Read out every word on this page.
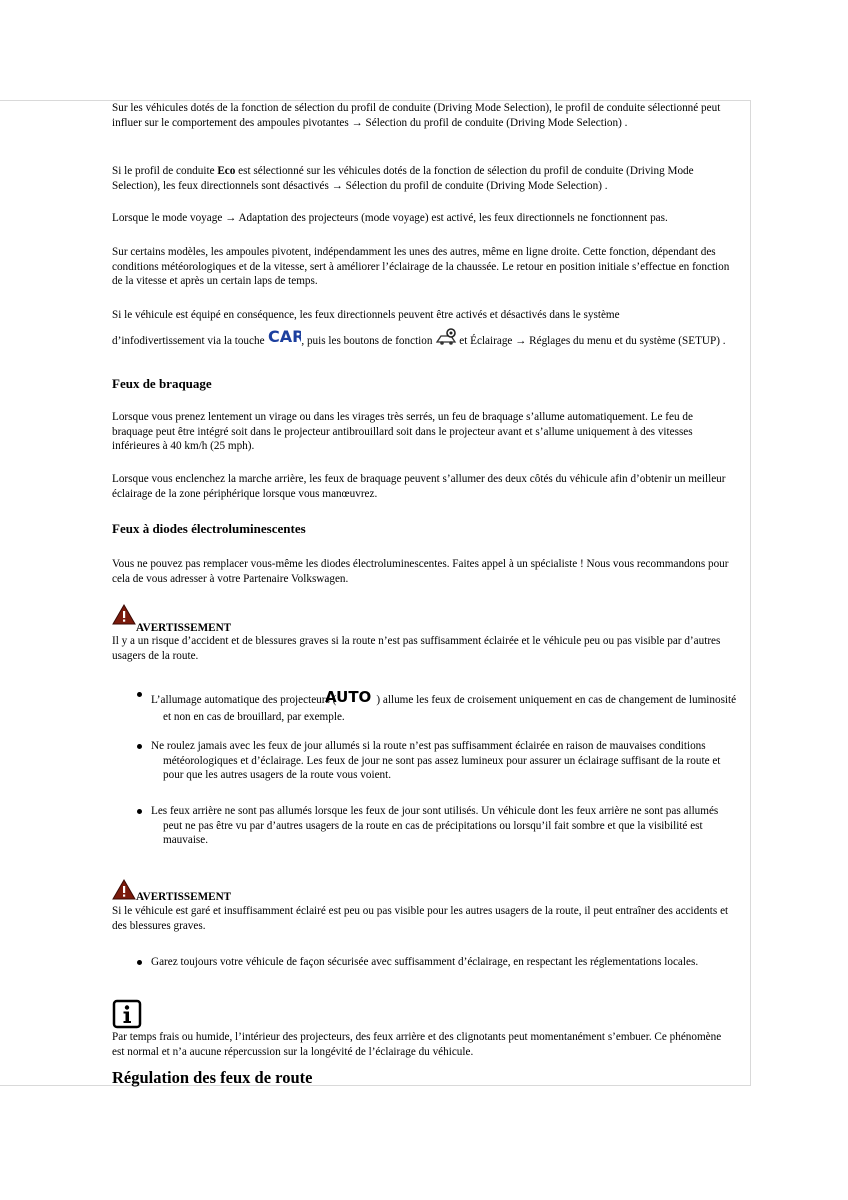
Sur les véhicules dotés de la fonction de sélection du profil de conduite (Driving Mode Selection), le profil de conduite sélectionné peut influer sur le comportement des ampoules pivotantes → Sélection du profil de conduite (Driving Mode Selection) .

Si le profil de conduite Eco est sélectionné sur les véhicules dotés de la fonction de sélection du profil de conduite (Driving Mode Selection), les feux directionnels sont désactivés → Sélection du profil de conduite (Driving Mode Selection) .

Lorsque le mode voyage → Adaptation des projecteurs (mode voyage) est activé, les feux directionnels ne fonctionnent pas.

Sur certains modèles, les ampoules pivotent, indépendamment les unes des autres, même en ligne droite. Cette fonction, dépendant des conditions météorologiques et de la vitesse, sert à améliorer l’éclairage de la chaussée. Le retour en position initiale s’effectue en fonction de la vitesse et après un certain laps de temps.

Si le véhicule est équipé en conséquence, les feux directionnels peuvent être activés et désactivés dans le système
d’infodivertissement via la touche CAR
, puis les boutons de fonction et Éclairage → Réglages du menu et du système (SETUP) .
Feux de braquage

Lorsque vous prenez lentement un virage ou dans les virages très serrés, un feu de braquage s’allume automatiquement. Le feu de braquage peut être intégré soit dans le projecteur antibrouillard soit dans le projecteur avant et s’allume uniquement à des vitesses inférieures à 40 km/h (25 mph).

Lorsque vous enclenchez la marche arrière, les feux de braquage peuvent s’allumer des deux côtés du véhicule afin d’obtenir un meilleur éclairage de la zone périphérique lorsque vous manœuvrez.

Feux à diodes électroluminescentes

Vous ne pouvez pas remplacer vous-même les diodes électroluminescentes. Faites appel à un spécialiste ! Nous vous recommandons pour cela de vous adresser à votre Partenaire Volkswagen.

AVERTISSEMENT

Il y a un risque d’accident et de blessures graves si la route n’est pas suffisamment éclairée et le véhicule peu ou pas visible par d’autres usagers de la route.

L’allumage automatique des projecteurs (
AUTO ) allume les feux de croisement uniquement en cas de changement de luminosité et non en cas de brouillard, par exemple.
Ne roulez jamais avec les feux de jour allumés si la route n’est pas suffisamment éclairée en raison de mauvaises conditions météorologiques et d’éclairage. Les feux de jour ne sont pas assez lumineux pour assurer un éclairage suffisant de la route et pour que les autres usagers de la route vous voient.
Les feux arrière ne sont pas allumés lorsque les feux de jour sont utilisés. Un véhicule dont les feux arrière ne sont pas allumés peut ne pas être vu par d’autres usagers de la route en cas de précipitations ou lorsqu’il fait sombre et que la visibilité est mauvaise.
AVERTISSEMENT

Si le véhicule est garé et insuffisamment éclairé est peu ou pas visible pour les autres usagers de la route, il peut entraîner des accidents et des blessures graves.

Garez toujours votre véhicule de façon sécurisée avec suffisamment d’éclairage, en respectant les réglementations locales.

Par temps frais ou humide, l’intérieur des projecteurs, des feux arrière et des clignotants peut momentanément s’embuer. Ce phénomène est normal et n’a aucune répercussion sur la longévité de l’éclairage du véhicule.

Régulation des feux de route
